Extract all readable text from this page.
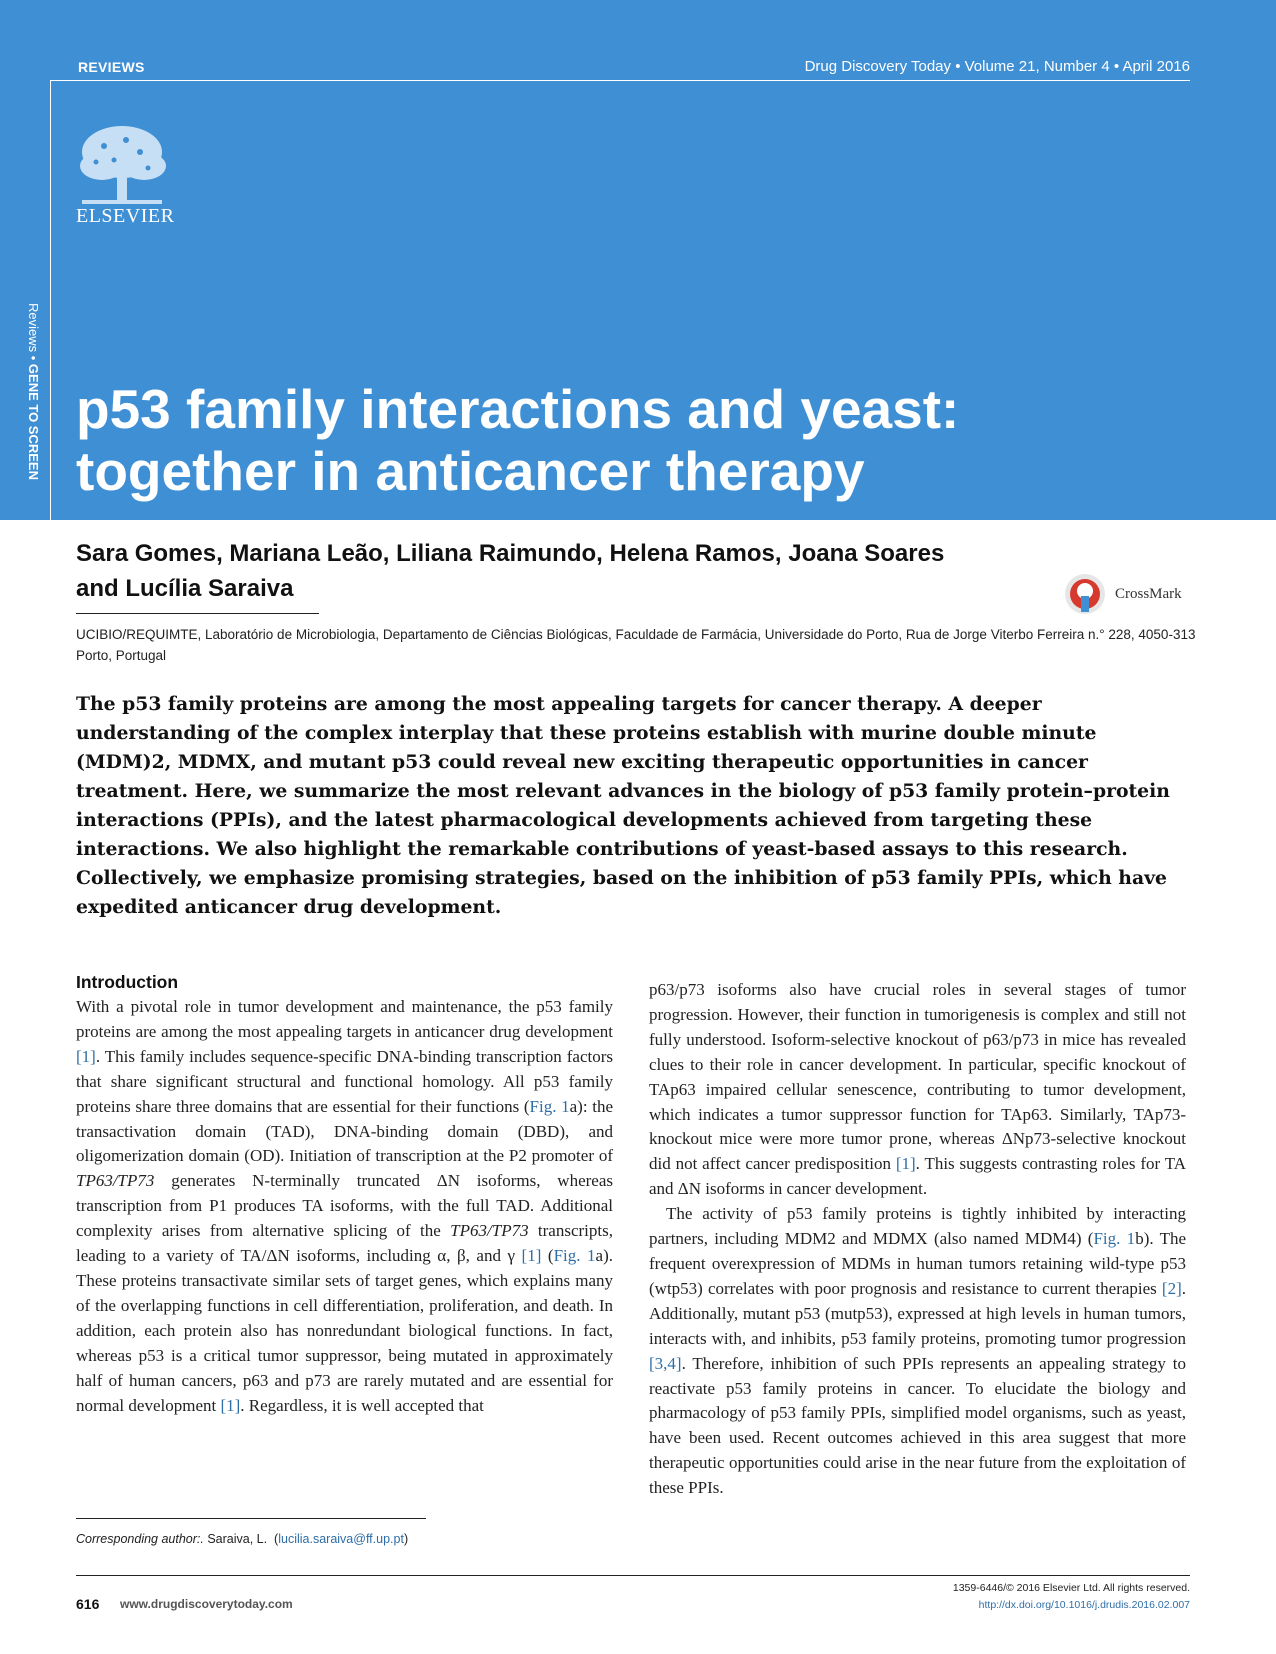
REVIEWS	Drug Discovery Today • Volume 21, Number 4 • April 2016
ELSEVIER
Reviews • GENE TO SCREEN p53 family interactions and yeast:
together in anticancer therapy
Sara Gomes, Mariana Leão, Liliana Raimundo, Helena Ramos, Joana Soares
and Lucília Saraiva	CrossMark
UCIBIO/REQUIMTE, Laboratório de Microbiologia, Departamento de Ciências Biológicas, Faculdade de Farmácia, Universidade do Porto, Rua de Jorge Viterbo Ferreira n.° 228, 4050-313 Porto, Portugal
The p53 family proteins are among the most appealing targets for cancer therapy. A deeper understanding of the complex interplay that these proteins establish with murine double minute (MDM)2, MDMX, and mutant p53 could reveal new exciting therapeutic opportunities in cancer treatment. Here, we summarize the most relevant advances in the biology of p53 family protein–protein interactions (PPIs), and the latest pharmacological developments achieved from targeting these interactions. We also highlight the remarkable contributions of yeast-based assays to this research. Collectively, we emphasize promising strategies, based on the inhibition of p53 family PPIs, which have expedited anticancer drug development.
Introduction

With a pivotal role in tumor development and maintenance, the p53 family proteins are among the most appealing targets in anticancer drug development [1]. This family includes sequence-specific DNA-binding transcription factors that share significant structural and functional homology. All p53 family proteins share three domains that are essential for their functions (Fig. 1a): the transactivation domain (TAD), DNA-binding domain (DBD), and oligomerization domain (OD). Initiation of transcription at the P2 promoter of TP63/TP73 generates N-terminally truncated ΔN isoforms, whereas transcription from P1 produces TA isoforms, with the full TAD. Additional complexity arises from alternative splicing of the TP63/TP73 transcripts, leading to a variety of TA/ΔN isoforms, including α, β, and γ [1] (Fig. 1a). These proteins transactivate similar sets of target genes, which explains many of the overlapping functions in cell differentiation, proliferation, and death. In addition, each protein also has nonredundant biological functions. In fact, whereas p53 is a critical tumor suppressor, being mutated in approximately half of human cancers, p63 and p73 are rarely mutated and are essential for normal development [1]. Regardless, it is well accepted that

p63/p73 isoforms also have crucial roles in several stages of tumor progression. However, their function in tumorigenesis is complex and still not fully understood. Isoform-selective knockout of p63/p73 in mice has revealed clues to their role in cancer development. In particular, specific knockout of TAp63 impaired cellular senescence, contributing to tumor development, which indicates a tumor suppressor function for TAp63. Similarly, TAp73-knockout mice were more tumor prone, whereas ΔNp73-selective knockout did not affect cancer predisposition [1]. This suggests contrasting roles for TA and ΔN isoforms in cancer development.

The activity of p53 family proteins is tightly inhibited by interacting partners, including MDM2 and MDMX (also named MDM4) (Fig. 1b). The frequent overexpression of MDMs in human tumors retaining wild-type p53 (wtp53) correlates with poor prognosis and resistance to current therapies [2]. Additionally, mutant p53 (mutp53), expressed at high levels in human tumors, interacts with, and inhibits, p53 family proteins, promoting tumor progression [3,4]. Therefore, inhibition of such PPIs represents an appealing strategy to reactivate p53 family proteins in cancer. To elucidate the biology and pharmacology of p53 family PPIs, simplified model organisms, such as yeast, have been used. Recent outcomes achieved in this area suggest that more therapeutic opportunities could arise in the near future from the exploitation of these PPIs.

Corresponding author:. Saraiva, L.  (lucilia.saraiva@ff.up.pt)
616 www.drugdiscoverytoday.com
1359-6446/© 2016 Elsevier Ltd. All rights reserved.
http://dx.doi.org/10.1016/j.drudis.2016.02.007
